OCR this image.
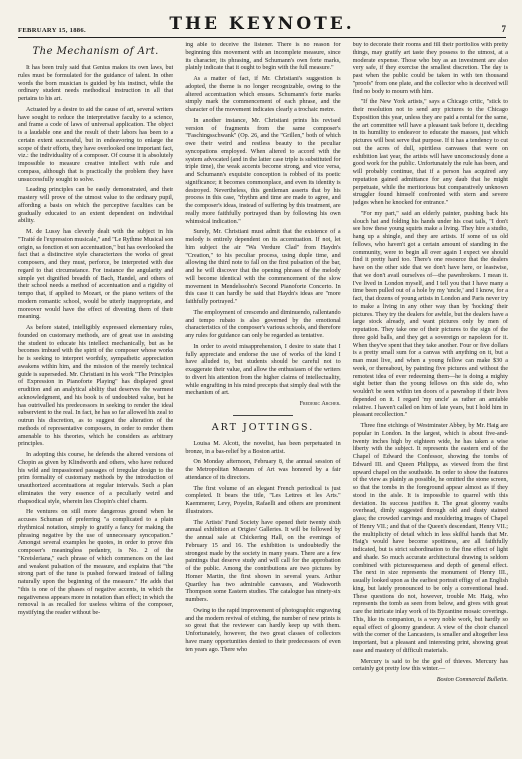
FEBRUARY 15, 1886.	THE KEYNOTE.	7
The Mechanism of Art.

It has been truly said that Genius makes its own laws, but rules must be formulated for the guidance of talent. In other words the born musician is guided by his instinct, while the ordinary student needs methodical instruction in all that pertains to his art.

Actuated by a desire to aid the cause of art, several writers have sought to reduce the interpretative faculty to a science, and frame a code of laws of universal application. The object is a laudable one and the result of their labors has been to a certain extent successful, but in endeavoring to enlarge the scope of their efforts, they have overlooked one important fact, viz.: the individuality of a composer. Of course it is absolutely impossible to measure creative intellect with rule and compass, although that is practically the problem they have unsuccessfully sought to solve.

Leading principles can be easily demonstrated, and their mastery will prove of the utmost value to the ordinary pupil, affording a basis on which the perceptive faculties can be gradually educated to an extent dependent on individual ability.

M. de Lussy has cleverly dealt with the subject in his "Traité de l'expression musicale," and "Le Rythme Musical son origin, sa fonction et son accentuation," but has overlooked the fact that a distinctive style characterizes the works of great composers, and they must, perforce, be interpreted with due regard to that circumstance. For instance the angularity and simple yet dignified breadth of Bach, Handel, and others of their school needs a method of accentuation and a rigidity of tempo that, if applied to Mozart, or the piano writers of the modern romantic school, would be utterly inappropriate, and moreover would have the effect of divesting them of their meaning.

As before stated, intelligibly expressed elementary rules, founded on customary methods, are of great use in assisting the student to educate his intellect mechanically, but as he becomes imbued with the spirit of the composer whose works he is seeking to interpret worthily, sympathetic appreciation awakens within him, and the mission of the merely technical guide is superseded. Mr. Christiani in his work "The Principles of Expression in Pianoforte Playing" has displayed great erudition and an analytical ability that deserves the warmest acknowledgment, and his book is of undoubted value, but he has outrivalled his predecessors in seeking to render the ideal subservient to the real. In fact, he has so far allowed his zeal to outrun his discretion, as to suggest the alteration of the methods of representative composers, in order to render them amenable to his theories, which he considers as arbitrary principles.

In adopting this course, he defends the altered versions of Chopin as given by Klindworth and others, who have reduced his wild and impassioned passages of irregular design to the prim formality of customary methods by the introduction of unauthorized accentuations at regular intervals. Such a plan eliminates the very essence of a peculiarly weird and rhapsodical style, wherein lies Chopin's chief charm.

He ventures on still more dangerous ground when he accuses Schuman of preferring "a complicated to a plain rhythmical notation, simply to gratify a fancy for making the phrasing negative by the use of unnecessary syncopation." Amongst several examples he quotes, in order to prove this composer's meaningless pedantry, is No. 2 of the "Kreisleriana," each phrase of which commences on the last and weakest pulsation of the measure, and explains that "the strong part of the tune is pushed forward instead of falling naturally upon the beginning of the measure." He adds that "this is one of the phases of negative accents, in which the negativeness appears more in notation than effect; in which the removal is as recalled for useless whims of the composer, mystifying the reader without be-

ing able to deceive the listener. There is no reason for beginning this movement with an incomplete measure, since its character, its phrasing, and Schumann's own forte marks, plainly indicate that it ought to begin with the full measure."

As a matter of fact, if Mr. Christiani's suggestion is adopted, the theme is no longer recognizable, owing to the altered accentuation which ensues. Schumann's forte marks simply mark the commencement of each phrase, and the character of the movement indicates clearly a trochaic metre.

In another instance, Mr. Christiani prints his revised version of fragments from the same composer's "Faschingsschwank" (Op. 26, and the "Grillen," both of which owe their weird and restless beauty to the peculiar syncopations employed. When altered to accord with the system advocated (and in the latter case triple is substituted for triple time), the weak accents become strong, and vice versa, and Schumann's exquisite conception is robbed of its poetic significance; it becomes commonplace, and even its identity is destroyed. Nevertheless, this gentleman asserts that by his process in this case, "rhythm and time are made to agree, and the composer's ideas, instead of suffering by this treatment, are really more faithfully portrayed than by following his own whimsical indication."

Surely, Mr. Christiani must admit that the existence of a melody is entirely dependent on its accentuation. If not, let him subject the air "Wa Verdure Clad" from Haydn's "Creation," to his peculiar process, using duple time, and allowing the third note to fall on the first pulsation of the bar, and he will discover that the opening phrases of the melody will become identical with the commencement of the slow movement in Mendelssohn's Second Pianoforte Concerto. In this case it can hardly be said that Haydn's ideas are "more faithfully portrayed."

The employment of crescendo and diminuendo, rallentando and tempo rubato is also governed by the emotional characteristics of the composer's various schools, and therefore any rules for guidance can only be regarded as tentative.

In order to avoid misapprehension, I desire to state that I fully appreciate and endorse the use of works of the kind I have alluded to, but students should be careful not to exaggerate their value, and allow the enthusiasm of the writers to divert his attention from the higher claims of intellectuality, while engrafting in his mind precepts that simply deal with the mechanism of art.

Frederic Archer.
ART JOTTINGS.

Louisa M. Alcott, the novelist, has been perpetuated in bronze, in a bas-relief by a Boston artist.

On Monday afternoon, February 8, the annual session of the Metropolitan Museum of Art was honored by a fair attendance of its directors.

The first volume of an elegant French periodical is just completed. It bears the title, "Les Lettres et les Arts." Kaemmerer, Levy, Poyelin, Rafaelli and others are prominent illustrators.

The Artists' Fund Society have opened their twenty sixth annual exhibition at Ortgies' Galleries. It will be followed by the annual sale at Chickering Hall, on the evenings of February 15 and 16. The exhibition is undoubtedly the strongest made by the society in many years. There are a few paintings that deserve study and will call for the approbation of the public. Among the contributions are two pictures by Homer Martin, the first shown in several years. Arthur Quartley has two admirable canvases, and Wadsworth Thompson some Eastern studies. The catalogue has ninety-six numbers.

Owing to the rapid improvement of photographic engraving and the modern revival of etching, the number of new prints is so great that the reviewer can hardly keep up with them. Unfortunately, however, the two great classes of collectors have many opportunities denied to their predecessors of even ten years ago. There who

buy to decorate their rooms and fill their portfolios with pretty things, may gratify art taste they possess to the utmost, at a moderate expense. Those who buy as an investment are also very safe, if they exercise the smallest discretion. The day is past when the public could be taken in with ten thousand "proofs" from one plate, and the collector who is deceived will find no body to mourn with him.

"If the New York artists," says a Chicago critic, "stick to their resolution not to send any pictures to the Chicago Exposition this year, unless they are paid a rental for the same, the art committee will have a pleasant task before it, deciding in its humility to endeavor to educate the masses, just which pictures will best serve that purpose. If it has a tendency to cut out the acres of dull, spiritless canvases that were on exhibition last year, the artists will have unconsciously done a good work for the public. Unfortunately the rule has been, and will probably continue, that if a person has acquired any reputation gained admittance for any daub that he might perpetuate, while the meritorious but comparatively unknown struggler found himself confronted with stern and severe judges when he knocked for entrance."

"For my part," said an elderly painter, pushing back his slouch hat and folding his hands under his coat tails, "I don't see how these young squirts make a living. They hire a studio, hang up a shingle, and they are artists. If some of us old fellows, who haven't got a certain amount of standing in the community, were to begin all over again I expect we should find it pretty hard too. There's one resource that the dealers have on the other side that we don't have here, or leastwise, that we don't avail ourselves of—the pawnbrokers. I mean it. I've lived in London myself, and I tell you that I have many a time been pulled out of a hole by my 'uncle,' and I know, for a fact, that dozens of young artists in London and Paris never try to make a living in any other way than by 'hocking' their pictures. They try the dealers for awhile, but the dealers have a large stock already, and want pictures only by men of reputation. They take one of their pictures to the sign of the three gold balls, and they get a sovereign or napoleon for it. When they've spent that they take another. Four or five dollars is a pretty small sum for a canvas with anything on it, but a man must live, and when a young fellow can make $30 a week, or thereabout, by painting five pictures and without the remotest idea of ever redeeming them—he is doing a mighty sight better than the young fellows on this side do, who wouldn't be seen within ten doors of a pawnshop if their lives depended on it. I regard 'my uncle' as rather an amiable relative. I haven't called on him of late years, but I hold him in pleasant recollection."

Three fine etchings of Westminster Abbey, by Mr. Haig are popular in London. In the largest, which is about five-and-twenty inches high by eighteen wide, he has taken a wise liberty with the subject. It represents the eastern end of the Chapel of Edward the Confessor, showing the tombs of Edward III. and Queen Philippa, as viewed from the first upward chapel on the southside. In order to show the features of the view as plainly as possible, he omitted the stone screen, so that the tombs in the foreground appear almost as if they stood in the aisle. It is impossible to quarrel with this deviation. Its success justifies it. The great gloomy vaults overhead, dimly suggested through old and dusty stained glass; the crowded carvings and mouldering images of Chapel of Henry VII.; and that of the Queen's descendant, Henry VII.; the multiplicity of detail which in less skilful hands that Mr. Haig's would have become spottiness, are all faithfully indicated, but is strict subordination to the fine effect of light and shade. So much accurate architectural drawing is seldom combined with picturesqueness and depth of general effect. The next in size represents the monument of Henry III., usually looked upon as the earliest portrait effigy of an English king, but lately pronounced to be only a conventional head. These questions do not, however, trouble Mr. Haig, who represents the tomb as seen from below, and gives with great care the intricate inlay work of its Byzantine mosaic coverings. This, like its companion, is a very noble work, but hardly so equal effect of gloomy grandeur. A view of the choir chancel with the corner of the Lancasters, is smaller and altogether less important, but a pleasant and interesting print, showing great ease and mastery of difficult materials.

Mercury is said to be the god of thieves. Mercury has certainly got pretty low this winter.—

Boston Commercial Bulletin.
